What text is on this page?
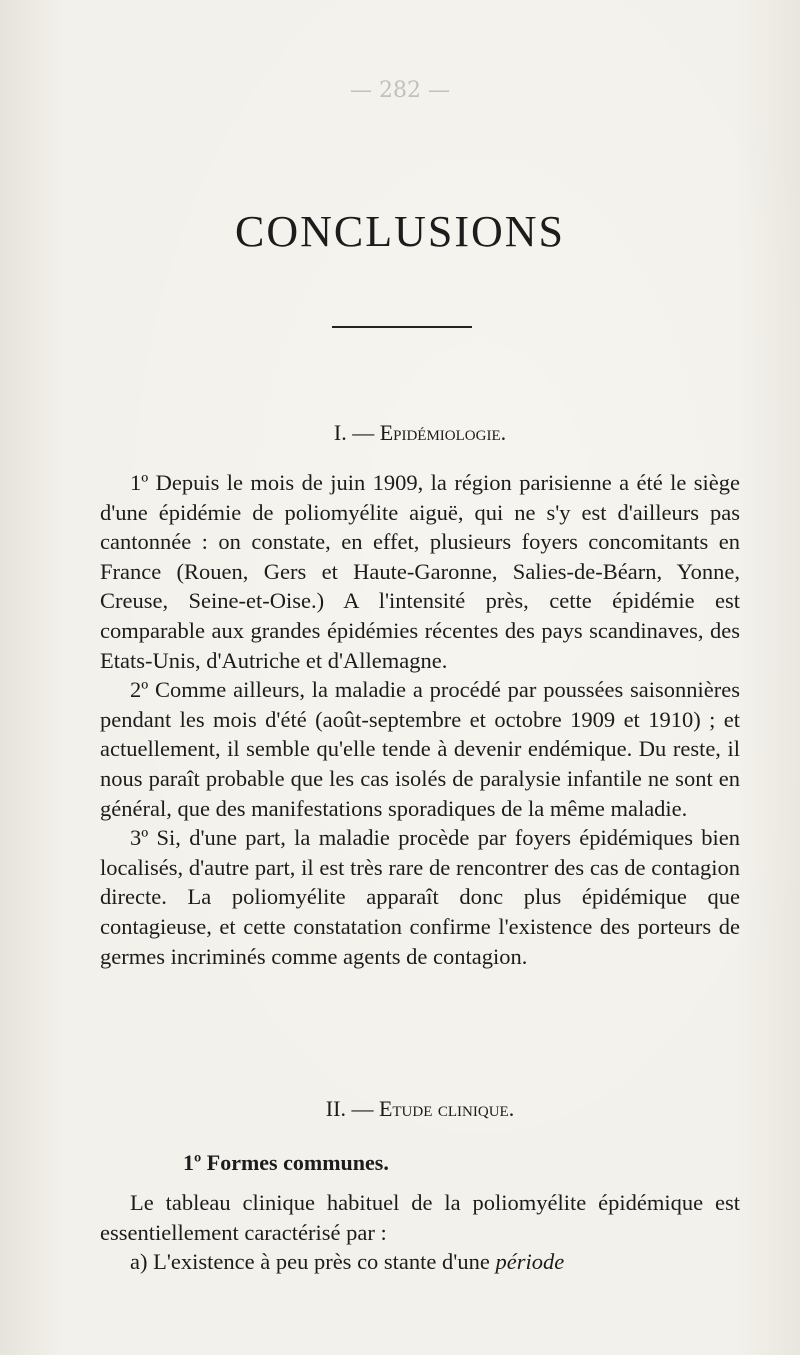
— 282 —
CONCLUSIONS
I. — Epidémiologie.

1º Depuis le mois de juin 1909, la région parisienne a été le siège d'une épidémie de poliomyélite aiguë, qui ne s'y est d'ailleurs pas cantonnée : on constate, en effet, plusieurs foyers concomitants en France (Rouen, Gers et Haute-Garonne, Salies-de-Béarn, Yonne, Creuse, Seine-et-Oise.) A l'intensité près, cette épidémie est comparable aux grandes épidémies récentes des pays scandinaves, des Etats-Unis, d'Autriche et d'Allemagne.

2º Comme ailleurs, la maladie a procédé par poussées saisonnières pendant les mois d'été (août-septembre et octobre 1909 et 1910) ; et actuellement, il semble qu'elle tende à devenir endémique. Du reste, il nous paraît probable que les cas isolés de paralysie infantile ne sont en général, que des manifestations sporadiques de la même maladie.

3º Si, d'une part, la maladie procède par foyers épidémiques bien localisés, d'autre part, il est très rare de rencontrer des cas de contagion directe. La poliomyélite apparaît donc plus épidémique que contagieuse, et cette constatation confirme l'existence des porteurs de germes incriminés comme agents de contagion.

II. — Etude clinique.
1º Formes communes.

Le tableau clinique habituel de la poliomyélite épidémique est essentiellement caractérisé par :

a) L'existence à peu près co stante d'une période
